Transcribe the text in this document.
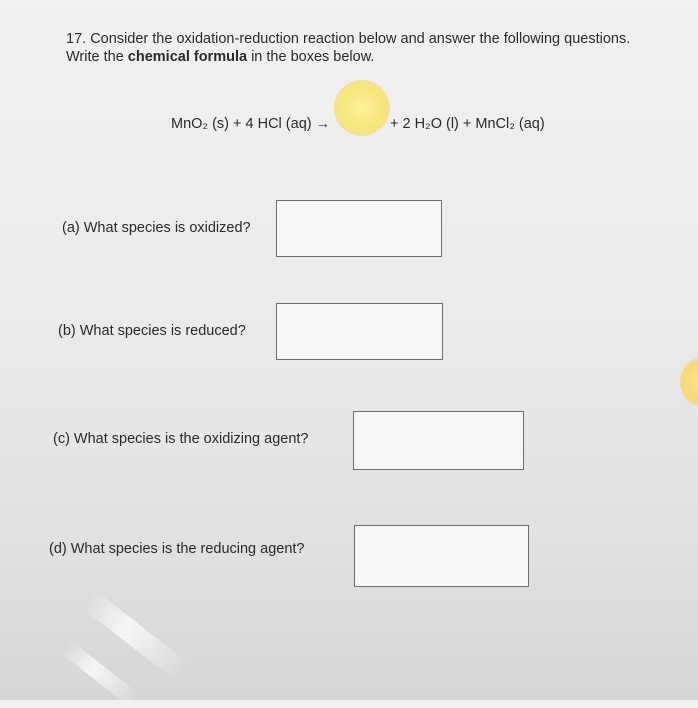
17. Consider the oxidation-reduction reaction below and answer the following questions.
Write the chemical formula in the boxes below.
MnO₂ (s) + 4 HCl (aq) →	+ 2 H₂O (l) + MnCl₂ (aq)
(a) What species is oxidized?
(b) What species is reduced?
(c) What species is the oxidizing agent?
(d) What species is the reducing agent?
